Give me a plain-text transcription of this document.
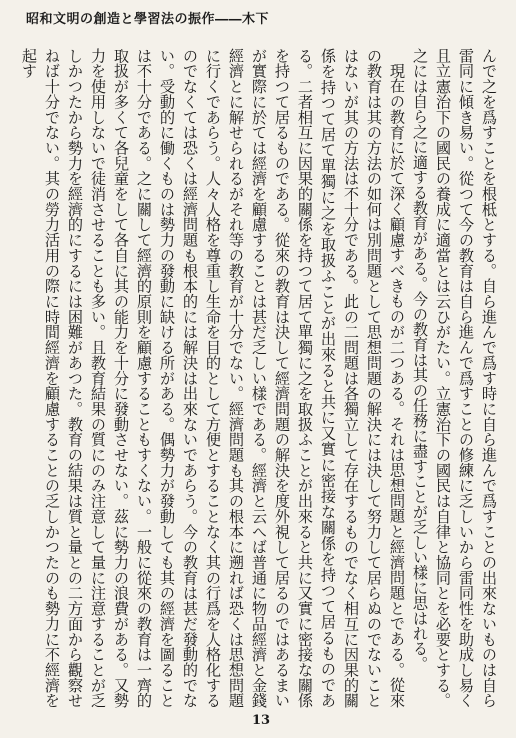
昭和文明の創造と學習法の振作――木下

んで之を爲すことを根柢とする。自ら進んで爲す時に自ら進んで爲すことの出來ないものは自ら雷同に傾き易い。從つて今の教育は自ら進んで爲すことの修練に乏しいから雷同性を助成し易く且立憲治下の國民の養成に適當とは云ひがたい。立憲治下の國民は自律と協同とを必要とする。之には自ら之に適する教育がある。今の教育は其の任務に盡すことが乏しい樣に思はれる。

現在の教育に於て深く顧慮すべきものが二つある。それは思想問題と經濟問題とである。從來の教育は其の方法の如何は別問題として思想問題の解決には決して努力して居らぬのでないことはないが其の方法は不十分である。此の二問題は各獨立して存在するものでなく相互に因果的關係を持つて居て單獨に之を取扱ふことが出來ると共に又實に密接な關係を持つて居るものである。二者相互に因果的關係を持つて居て單獨に之を取扱ふことが出來ると共に又實に密接な關係を持つて居るものである。從來の教育は決して經濟問題の解決を度外視して居るのではあるまいが實際に於ては經濟を顧慮することは甚だ乏しい樣である。經濟と云へば普通に物品經濟と金錢經濟とに解せられるがそれ等の教育が十分でない。經濟問題も其の根本に遡れば恐くは思想問題に行くであらう。人々人格を尊重し生命を目的として方便とすることなく其の行爲を人格化するのでなくては恐くは經濟問題も根本的には解決は出來ないであらう。今の教育は甚だ發動的でない。受動的に働くものは勢力の發動に缺ける所がある。偶勢力が發動しても其の經濟を圖ることは不十分である。之に關して經濟的原則を顧慮することもすくない。一般に從來の教育は一齊的取扱が多くて各兒童をして各自に其の能力を十分に發動させない。茲に勢力の浪費がある。又勢力を使用しないで徒消させることも多い。且教育結果の質にのみ注意して量に注意することが乏しかつたから勢力を經濟的にするには困難があつた。教育の結果は質と量との二方面から觀察せねば十分でない。其の勞力活用の際に時間經濟を顧慮することの乏しかつたのも勢力に不經濟を起す

13
